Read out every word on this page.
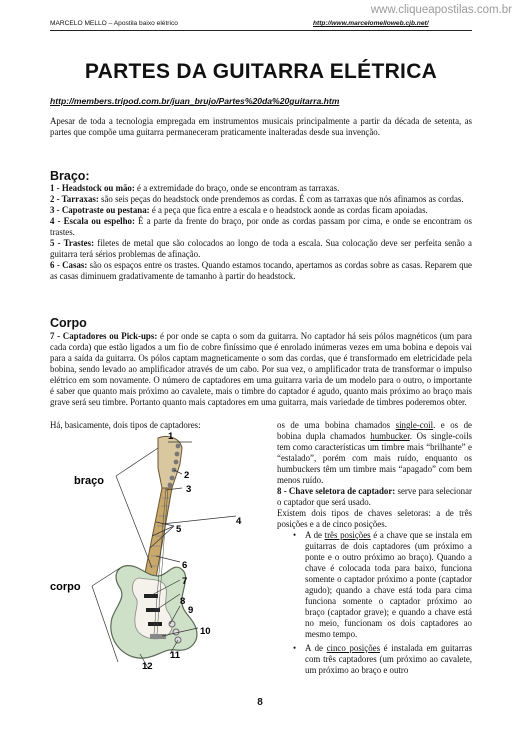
www.cliqueapostilas.com.br
MARCELO MELLO – Apostila baixo elétrico	http://www.marcelomelloweb.cjb.net/
PARTES DA GUITARRA ELÉTRICA
http://members.tripod.com.br/juan_brujo/Partes%20da%20guitarra.htm
Apesar de toda a tecnologia empregada em instrumentos musicais principalmente a partir da década de setenta, as partes que compõe uma guitarra permaneceram praticamente inalteradas desde sua invenção.
Braço:
1 - Headstock ou mão: é a extremidade do braço, onde se encontram as tarraxas.
2 - Tarraxas: são seis peças do headstock onde prendemos as cordas. É com as tarraxas que nós afinamos as cordas.
3 - Capotraste ou pestana: é a peça que fica entre a escala e o headstock aonde as cordas ficam apoiadas.
4 - Escala ou espelho: É a parte da frente do braço, por onde as cordas passam por cima, e onde se encontram os trastes.
5 - Trastes: filetes de metal que são colocados ao longo de toda a escala. Sua colocação deve ser perfeita senão a guitarra terá sérios problemas de afinação.
6 - Casas: são os espaços entre os trastes. Quando estamos tocando, apertamos as cordas sobre as casas. Reparem que as casas diminuem gradativamente de tamanho à partir do headstock.
Corpo
7 - Captadores ou Pick-ups: é por onde se capta o som da guitarra. No captador há seis pólos magnéticos (um para cada corda) que estão ligados a um fio de cobre finíssimo que é enrolado inúmeras vezes em uma bobina e depois vai para a saída da guitarra. Os pólos captam magneticamente o som das cordas, que é transformado em eletricidade pela bobina, sendo levado ao amplificador através de um cabo. Por sua vez, o amplificador trata de transformar o impulso elétrico em som novamente. O número de captadores em uma guitarra varia de um modelo para o outro, o importante é saber que quanto mais próximo ao cavalete, mais o timbre do captador é agudo, quanto mais próximo ao braço mais grave será seu timbre. Portanto quanto mais captadores em uma guitarra, mais variedade de timbres poderemos obter.
Há, basicamente, dois tipos de captadores:	os de uma bobina chamados single-coil. e os de bobina dupla chamados humbucker. Os single-coils tem como características um timbre mais “brilhante” e “estalado”, porém com mais ruído, enquanto os humbuckers têm um timbre mais “apagado” com bem menos ruído.
8 - Chave seletora de captador: serve para selecionar o captador que será usado.
Existem dois tipos de chaves seletoras: a de três posições e a de cinco posições.
• A de três posições é a chave que se instala em guitarras de dois captadores (um próximo a ponte e o outro próximo ao braço). Quando a chave é colocada toda para baixo, funciona somente o captador próximo a ponte (captador agudo); quando a chave está toda para cima funciona somente o captador próximo ao braço (captador grave); e quando a chave está no meio, funcionam os dois captadores ao mesmo tempo.
• A de cinco posições é instalada em guitarras com três captadores (um próximo ao cavalete, um próximo ao braço e outro
braço
corpo
1
2
3
4
5
6
7
8
9
10
11
12
8
